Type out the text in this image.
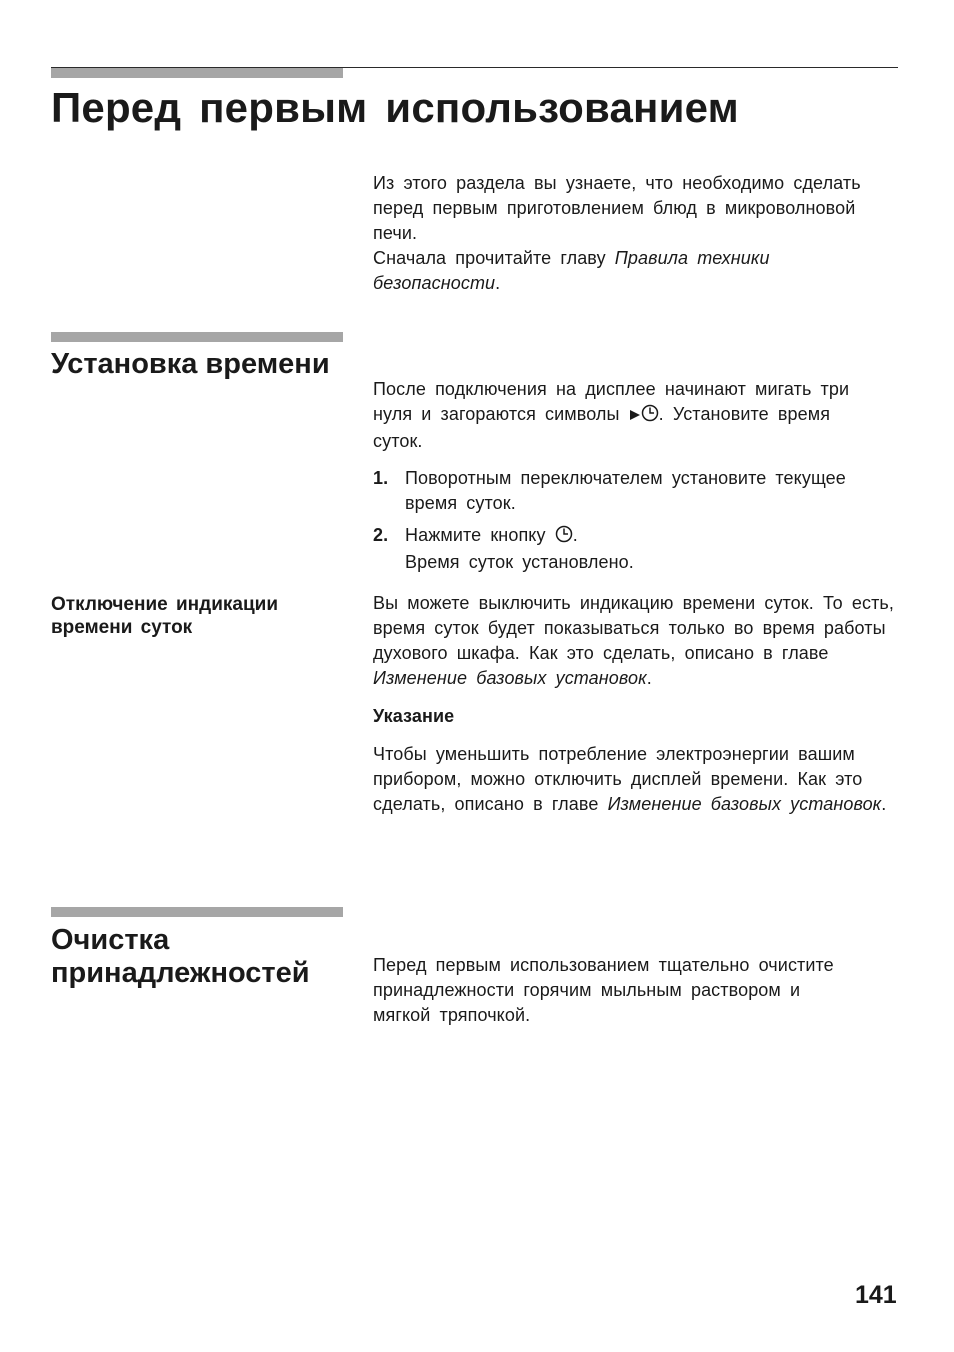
Перед первым использованием

Из этого раздела вы узнаете, что необходимо сделать перед первым приготовлением блюд в микроволновой печи.

Сначала прочитайте главу Правила техники безопасности.

Установка времени

После подключения на дисплее начинают мигать три нуля и загораются символы . Установите время суток.

1. Поворотным переключателем установите текущее время суток.
2. Нажмите кнопку .
Время суток установлено.
Отключение индикации времени суток

Вы можете выключить индикацию времени суток. То есть, время суток будет показываться только во время работы духового шкафа. Как это сделать, описано в главе Изменение базовых установок.

Указание

Чтобы уменьшить потребление электроэнергии вашим прибором, можно отключить дисплей времени. Как это сделать, описано в главе Изменение базовых установок.

Очистка принадлежностей	Перед первым использованием тщательно очистите принадлежности горячим мыльным раствором и мягкой тряпочкой.

141
